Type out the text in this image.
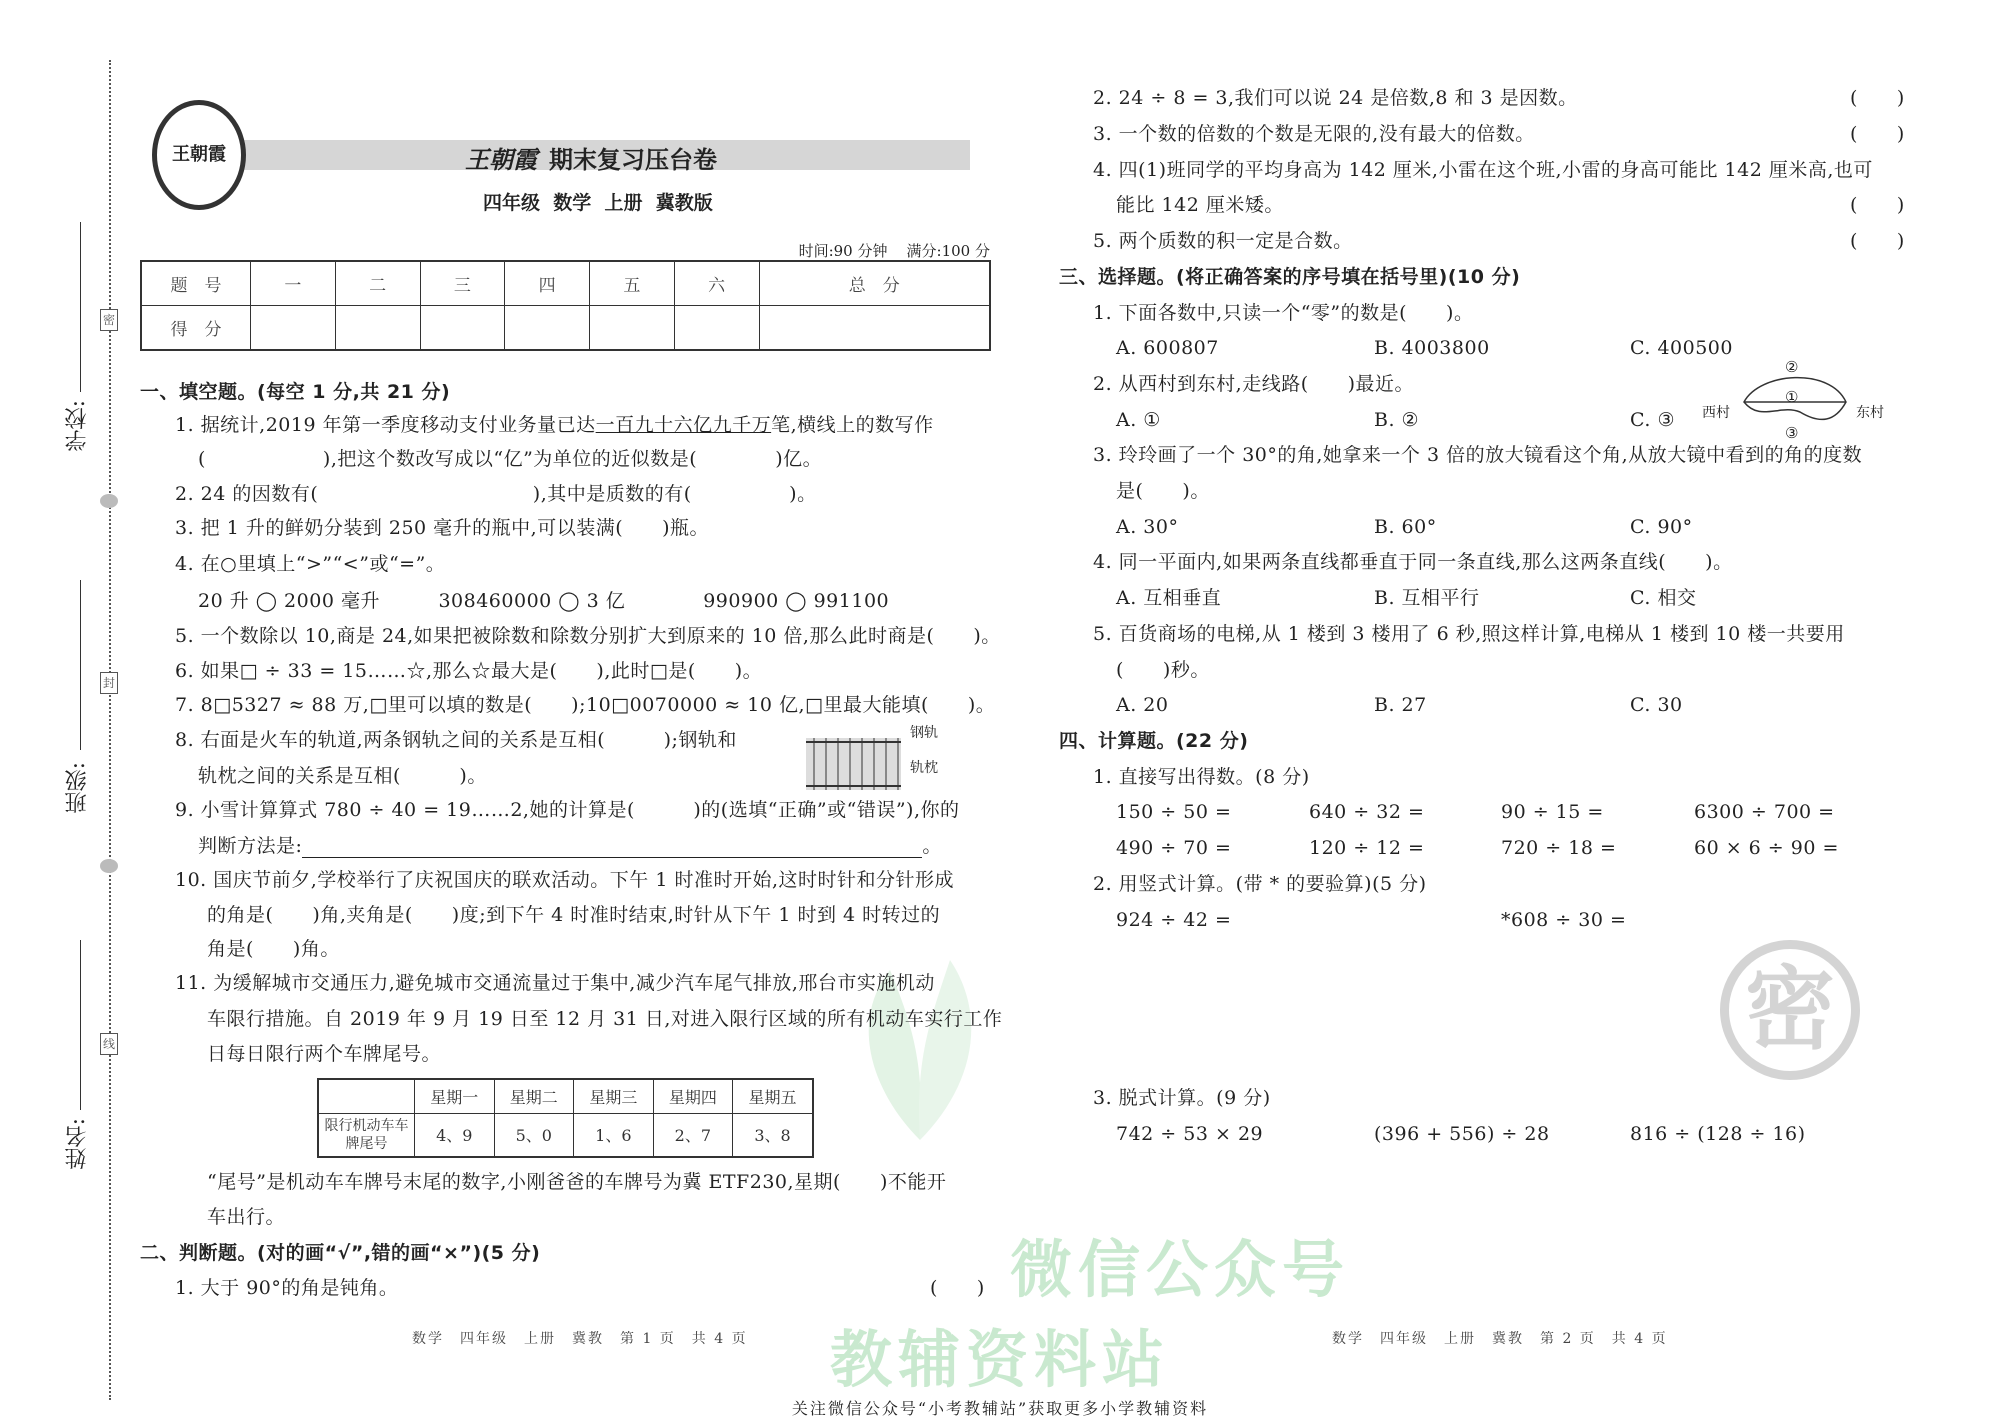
微信公众号
教辅资料站
密
密
封
线
学校:
班级:
姓名:
王朝霞	王朝霞 期末复习压台卷
四年级  数学  上册  冀教版
时间:90 分钟    满分:100 分
题　号	一	二	三	四	五	六	总　分
得　分							
一、填空题。(每空 1 分,共 21 分)
1. 据统计,2019 年第一季度移动支付业务量已达一百九十六亿九千万笔,横线上的数写作
(　　　　　　),把这个数改写成以“亿”为单位的近似数是(　　　　)亿。
2. 24 的因数有(　　　　　　　　　　　),其中是质数的有(　　　　　)。
3. 把 1 升的鲜奶分装到 250 毫升的瓶中,可以装满(　　)瓶。
4. 在○里填上“>”“<”或“=”。
20 升 ◯ 2000 毫升　　　308460000 ◯ 3 亿　　　　990900 ◯ 991100
5. 一个数除以 10,商是 24,如果把被除数和除数分别扩大到原来的 10 倍,那么此时商是(　　)。
6. 如果□ ÷ 33 = 15……☆,那么☆最大是(　　),此时□是(　　)。
7. 8□5327 ≈ 88 万,□里可以填的数是(　　);10□0070000 ≈ 10 亿,□里最大能填(　　)。
8. 右面是火车的轨道,两条钢轨之间的关系是互相(　　　);钢轨和
轨枕之间的关系是互相(　　　)。
钢轨
轨枕
9. 小雪计算算式 780 ÷ 40 = 19……2,她的计算是(　　　)的(选填“正确”或“错误”),你的
判断方法是:	。
10. 国庆节前夕,学校举行了庆祝国庆的联欢活动。下午 1 时准时开始,这时时针和分针形成
的角是(　　)角,夹角是(　　)度;到下午 4 时准时结束,时针从下午 1 时到 4 时转过的
角是(　　)角。
11. 为缓解城市交通压力,避免城市交通流量过于集中,减少汽车尾气排放,邢台市实施机动
车限行措施。自 2019 年 9 月 19 日至 12 月 31 日,对进入限行区域的所有机动车实行工作
日每日限行两个车牌尾号。
	星期一	星期二	星期三	星期四	星期五
限行机动车车牌尾号	4、9	5、0	1、6	2、7	3、8
“尾号”是机动车车牌号末尾的数字,小刚爸爸的车牌号为冀 ETF230,星期(　　)不能开
车出行。
二、判断题。(对的画“√”,错的画“×”)(5 分)
1. 大于 90°的角是钝角。	(　　)
2. 24 ÷ 8 = 3,我们可以说 24 是倍数,8 和 3 是因数。	(　　)
3. 一个数的倍数的个数是无限的,没有最大的倍数。	(　　)
4. 四(1)班同学的平均身高为 142 厘米,小雷在这个班,小雷的身高可能比 142 厘米高,也可
能比 142 厘米矮。	(　　)
5. 两个质数的积一定是合数。	(　　)
三、选择题。(将正确答案的序号填在括号里)(10 分)
1. 下面各数中,只读一个“零”的数是(　　)。
A. 600807	B. 4003800	C. 400500
2. 从西村到东村,走线路(　　)最近。
A. ①	B. ②	C. ③
②
①
③
西村	东村
3. 玲玲画了一个 30°的角,她拿来一个 3 倍的放大镜看这个角,从放大镜中看到的角的度数
是(　　)。
A. 30°	B. 60°	C. 90°
4. 同一平面内,如果两条直线都垂直于同一条直线,那么这两条直线(　　)。
A. 互相垂直	B. 互相平行	C. 相交
5. 百货商场的电梯,从 1 楼到 3 楼用了 6 秒,照这样计算,电梯从 1 楼到 10 楼一共要用
(　　)秒。
A. 20	B. 27	C. 30
四、计算题。(22 分)
1. 直接写出得数。(8 分)
150 ÷ 50 =	640 ÷ 32 =	90 ÷ 15 =	6300 ÷ 700 =
490 ÷ 70 =	120 ÷ 12 =	720 ÷ 18 =	60 × 6 ÷ 90 =
2. 用竖式计算。(带 * 的要验算)(5 分)
924 ÷ 42 =	*608 ÷ 30 =
3. 脱式计算。(9 分)
742 ÷ 53 × 29	(396 + 556) ÷ 28	816 ÷ (128 ÷ 16)
数学　四年级　上册　冀教　第 1 页　共 4 页	数学　四年级　上册　冀教　第 2 页　共 4 页
关注微信公众号“小考教辅站”获取更多小学教辅资料
